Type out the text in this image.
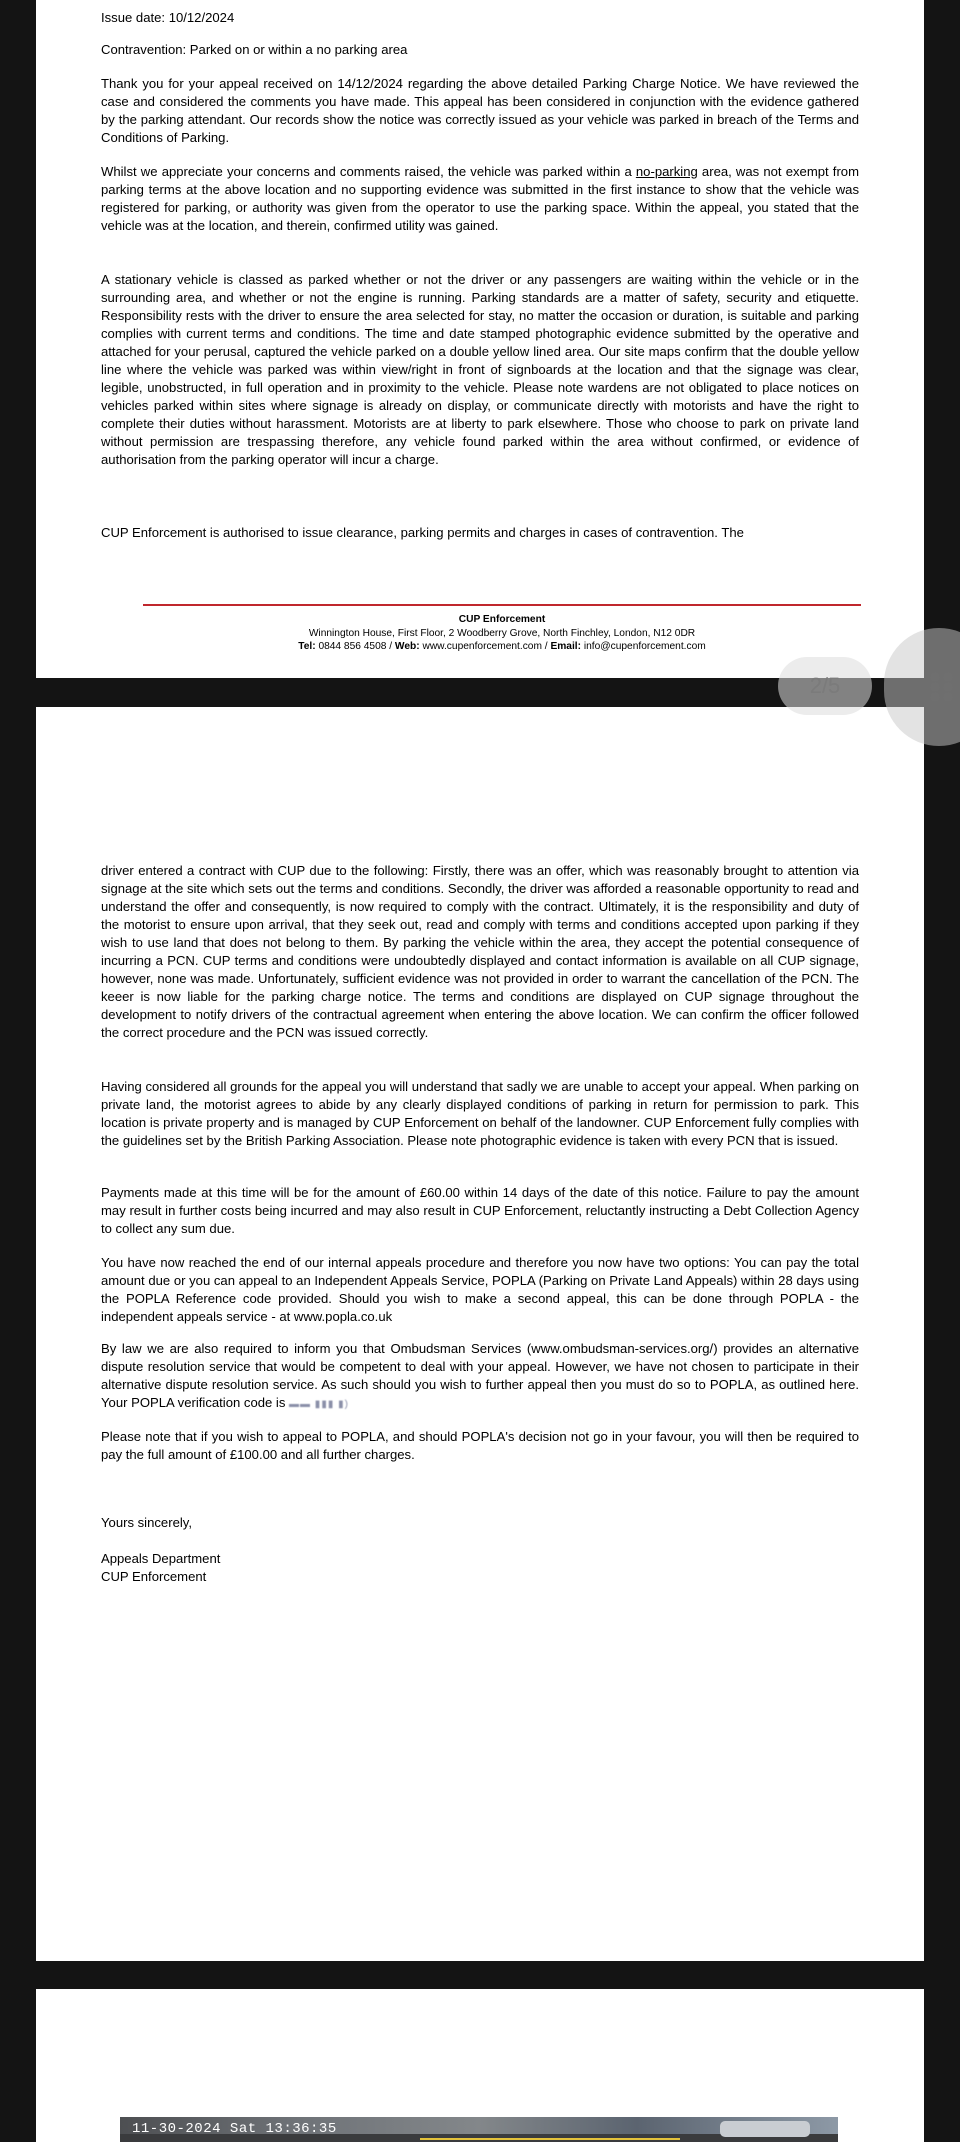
Issue date: 10/12/2024

Contravention: Parked on or within a no parking area

Thank you for your appeal received on 14/12/2024 regarding the above detailed Parking Charge Notice. We have reviewed the case and considered the comments you have made. This appeal has been considered in conjunction with the evidence gathered by the parking attendant. Our records show the notice was correctly issued as your vehicle was parked in breach of the Terms and Conditions of Parking.

Whilst we appreciate your concerns and comments raised, the vehicle was parked within a no-parking area, was not exempt from parking terms at the above location and no supporting evidence was submitted in the first instance to show that the vehicle was registered for parking, or authority was given from the operator to use the parking space. Within the appeal, you stated that the vehicle was at the location, and therein, confirmed utility was gained.

A stationary vehicle is classed as parked whether or not the driver or any passengers are waiting within the vehicle or in the surrounding area, and whether or not the engine is running. Parking standards are a matter of safety, security and etiquette. Responsibility rests with the driver to ensure the area selected for stay, no matter the occasion or duration, is suitable and parking complies with current terms and conditions. The time and date stamped photographic evidence submitted by the operative and attached for your perusal, captured the vehicle parked on a double yellow lined area. Our site maps confirm that the double yellow line where the vehicle was parked was within view/right in front of signboards at the location and that the signage was clear, legible, unobstructed, in full operation and in proximity to the vehicle. Please note wardens are not obligated to place notices on vehicles parked within sites where signage is already on display, or communicate directly with motorists and have the right to complete their duties without harassment. Motorists are at liberty to park elsewhere. Those who choose to park on private land without permission are trespassing therefore, any vehicle found parked within the area without confirmed, or evidence of authorisation from the parking operator will incur a charge.

CUP Enforcement is authorised to issue clearance, parking permits and charges in cases of contravention. The

CUP Enforcement
Winnington House, First Floor, 2 Woodberry Grove, North Finchley, London, N12 0DR
Tel: 0844 856 4508 / Web: www.cupenforcement.com / Email: info@cupenforcement.com

driver entered a contract with CUP due to the following: Firstly, there was an offer, which was reasonably brought to attention via signage at the site which sets out the terms and conditions. Secondly, the driver was afforded a reasonable opportunity to read and understand the offer and consequently, is now required to comply with the contract. Ultimately, it is the responsibility and duty of the motorist to ensure upon arrival, that they seek out, read and comply with terms and conditions accepted upon parking if they wish to use land that does not belong to them. By parking the vehicle within the area, they accept the potential consequence of incurring a PCN. CUP terms and conditions were undoubtedly displayed and contact information is available on all CUP signage, however, none was made. Unfortunately, sufficient evidence was not provided in order to warrant the cancellation of the PCN. The keeer is now liable for the parking charge notice. The terms and conditions are displayed on CUP signage throughout the development to notify drivers of the contractual agreement when entering the above location. We can confirm the officer followed the correct procedure and the PCN was issued correctly.

Having considered all grounds for the appeal you will understand that sadly we are unable to accept your appeal. When parking on private land, the motorist agrees to abide by any clearly displayed conditions of parking in return for permission to park. This location is private property and is managed by CUP Enforcement on behalf of the landowner. CUP Enforcement fully complies with the guidelines set by the British Parking Association. Please note photographic evidence is taken with every PCN that is issued.

Payments made at this time will be for the amount of £60.00 within 14 days of the date of this notice. Failure to pay the amount may result in further costs being incurred and may also result in CUP Enforcement, reluctantly instructing a Debt Collection Agency to collect any sum due.

You have now reached the end of our internal appeals procedure and therefore you now have two options: You can pay the total amount due or you can appeal to an Independent Appeals Service, POPLA (Parking on Private Land Appeals) within 28 days using the POPLA Reference code provided. Should you wish to make a second appeal, this can be done through POPLA - the independent appeals service - at www.popla.co.uk

By law we are also required to inform you that Ombudsman Services (www.ombudsman-services.org/) provides an alternative dispute resolution service that would be competent to deal with your appeal. However, we have not chosen to participate in their alternative dispute resolution service. As such should you wish to further appeal then you must do so to POPLA, as outlined here. Your POPLA verification code is ▬▬ ▮▮▮ ▮)

Please note that if you wish to appeal to POPLA, and should POPLA's decision not go in your favour, you will then be required to pay the full amount of £100.00 and all further charges.

Yours sincerely,

Appeals Department

CUP Enforcement

11-30-2024 Sat 13:36:35
2/5
